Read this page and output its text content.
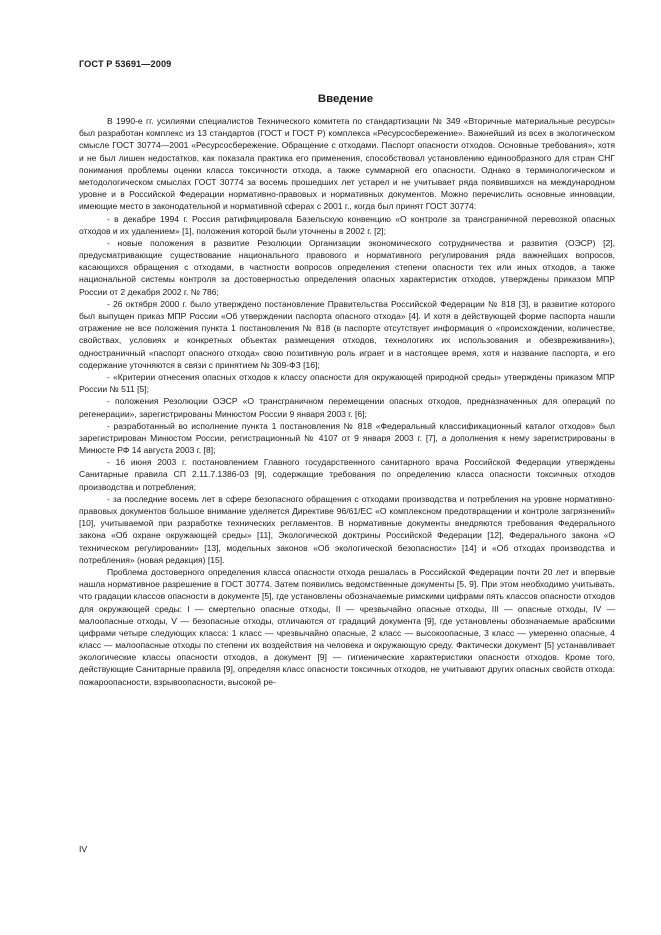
ГОСТ Р 53691—2009
Введение

В 1990-е гг. усилиями специалистов Технического комитета по стандартизации № 349 «Вторичные материальные ресурсы» был разработан комплекс из 13 стандартов (ГОСТ и ГОСТ Р) комплекса «Ресурсосбережение». Важнейший из всех в экологическом смысле ГОСТ 30774—2001 «Ресурсосбережение. Обращение с отходами. Паспорт опасности отходов. Основные требования», хотя и не был лишен недостатков, как показала практика его применения, способствовал установлению единообразного для стран СНГ понимания проблемы оценки класса токсичности отхода, а также суммарной его опасности. Однако в терминологическом и методологическом смыслах ГОСТ 30774 за восемь прошедших лет устарел и не учитывает ряда появившихся на международном уровне и в Российской Федерации нормативно-правовых и нормативных документов. Можно перечислить основные инновации, имеющие место в законодательной и нормативной сферах с 2001 г., когда был принят ГОСТ 30774:

- в декабре 1994 г. Россия ратифицировала Базельскую конвенцию «О контроле за трансграничной перевозкой опасных отходов и их удалением» [1], положения которой были уточнены в 2002 г. [2];

- новые положения в развитие Резолюции Организации экономического сотрудничества и развития (ОЭСР) [2], предусматривающие существование национального правового и нормативного регулирования ряда важнейших вопросов, касающихся обращения с отходами, в частности вопросов определения степени опасности тех или иных отходов, а также национальной системы контроля за достоверностью определения опасных характеристик отходов, утверждены приказом МПР России от 2 декабря 2002 г. № 786;

- 26 октября 2000 г. было утверждено постановление Правительства Российской Федерации № 818 [3], в развитие которого был выпущен приказ МПР России «Об утверждении паспорта опасного отхода» [4]. И хотя в действующей форме паспорта нашли отражение не все положения пункта 1 постановления № 818 (в паспорте отсутствует информация о «происхождении, количестве, свойствах, условиях и конкретных объектах размещения отходов, технологиях их использования и обезвреживания»), одностраничный «паспорт опасного отхода» свою позитивную роль играет и в настоящее время, хотя и название паспорта, и его содержание уточняются в связи с принятием № 309-ФЗ [16];

- «Критерии отнесения опасных отходов к классу опасности для окружающей природной среды» утверждены приказом МПР России № 511 [5];

- положения Резолюции ОЭСР «О трансграничном перемещении опасных отходов, предназначенных для операций по регенерации», зарегистрированы Минюстом России 9 января 2003 г. [6];

- разработанный во исполнение пункта 1 постановления № 818 «Федеральный классификационный каталог отходов» был зарегистрирован Минюстом России, регистрационный № 4107 от 9 января 2003 г. [7], а дополнения к нему зарегистрированы в Минюсте РФ 14 августа 2003 г. [8];

- 16 июня 2003 г. постановлением Главного государственного санитарного врача Российской Федерации утверждены Санитарные правила СП 2.11.7.1386-03 [9], содержащие требования по определению класса опасности токсичных отходов производства и потребления;

- за последние восемь лет в сфере безопасного обращения с отходами производства и потребления на уровне нормативно-правовых документов большое внимание уделяется Директиве 96/61/ЕС «О комплексном предотвращении и контроле загрязнений» [10], учитываемой при разработке технических регламентов. В нормативные документы внедряются требования Федерального закона «Об охране окружающей среды» [11], Экологической доктрины Российской Федерации [12], Федерального закона «О техническом регулировании» [13], модельных законов «Об экологической безопасности» [14] и «Об отходах производства и потребления» (новая редакция) [15].

Проблема достоверного определения класса опасности отхода решалась в Российской Федерации почти 20 лет и впервые нашла нормативное разрешение в ГОСТ 30774. Затем появились ведомственные документы [5, 9]. При этом необходимо учитывать, что градации классов опасности в документе [5], где установлены обозначаемые римскими цифрами пять классов опасности отходов для окружающей среды: I — смертельно опасные отходы, II — чрезвычайно опасные отходы, III — опасные отходы, IV — малоопасные отходы, V — безопасные отходы, отличаются от градаций документа [9], где установлены обозначаемые арабскими цифрами четыре следующих класса: 1 класс — чрезвычайно опасные, 2 класс — высокоопасные, 3 класс — умеренно опасные, 4 класс — малоопасные отходы по степени их воздействия на человека и окружающую среду. Фактически документ [5] устанавливает экологические классы опасности отходов, а документ [9] — гигиенические характеристики опасности отходов. Кроме того, действующие Санитарные правила [9], определяя класс опасности токсичных отходов, не учитывают других опасных свойств отхода: пожароопасности, взрывоопасности, высокой ре-

IV
